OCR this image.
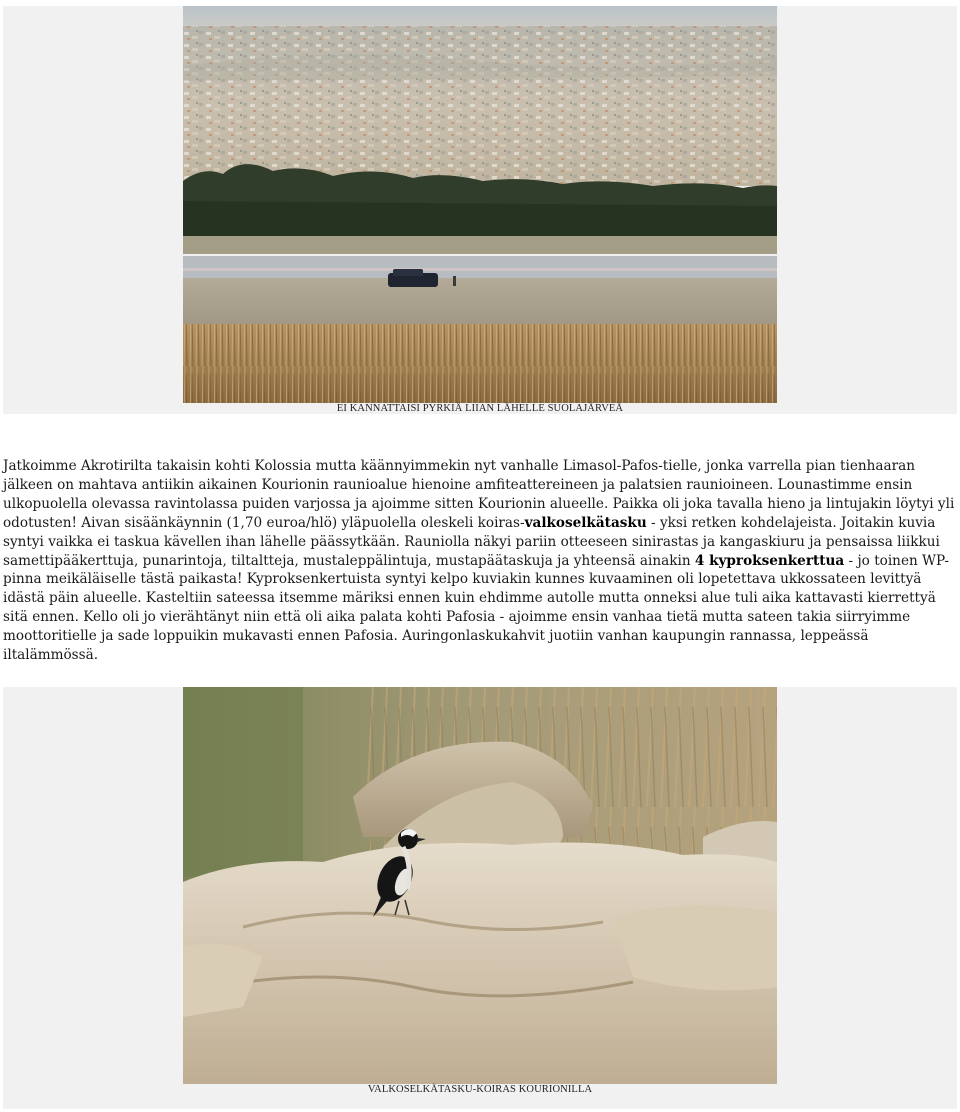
EI KANNATTAISI PYRKIÄ LIIAN LÄHELLE SUOLAJÄRVEÄ

Jatkoimme Akrotirilta takaisin kohti Kolossia mutta käännyimmekin nyt vanhalle Limasol-Pafos-tielle, jonka varrella pian tienhaaran jälkeen on mahtava antiikin aikainen Kourionin raunioalue hienoine amfiteattereineen ja palatsien raunioineen. Lounastimme ensin ulkopuolella olevassa ravintolassa puiden varjossa ja ajoimme sitten Kourionin alueelle. Paikka oli joka tavalla hieno ja lintujakin löytyi yli odotusten! Aivan sisäänkäynnin (1,70 euroa/hlö) yläpuolella oleskeli koiras-valkoselkätasku - yksi retken kohdelajeista. Joitakin kuvia syntyi vaikka ei taskua kävellen ihan lähelle päässytkään. Rauniolla näkyi pariin otteeseen sinirastas ja kangaskiuru ja pensaissa liikkui samettipääkerttuja, punarintoja, tiltaltteja, mustaleppälintuja, mustapäätaskuja ja yhteensä ainakin 4 kyproksenkerttua - jo toinen WP-pinna meikäläiselle tästä paikasta! Kyproksenkertuista syntyi kelpo kuviakin kunnes kuvaaminen oli lopetettava ukkossateen levittyä idästä päin alueelle. Kasteltiin sateessa itsemme märiksi ennen kuin ehdimme autolle mutta onneksi alue tuli aika kattavasti kierrettyä sitä ennen. Kello oli jo vierähtänyt niin että oli aika palata kohti Pafosia - ajoimme ensin vanhaa tietä mutta sateen takia siirryimme moottoritielle ja sade loppuikin mukavasti ennen Pafosia. Auringonlaskukahvit juotiin vanhan kaupungin rannassa, leppeässä iltalämmössä.

VALKOSELKÄTASKU-KOIRAS KOURIONILLA
